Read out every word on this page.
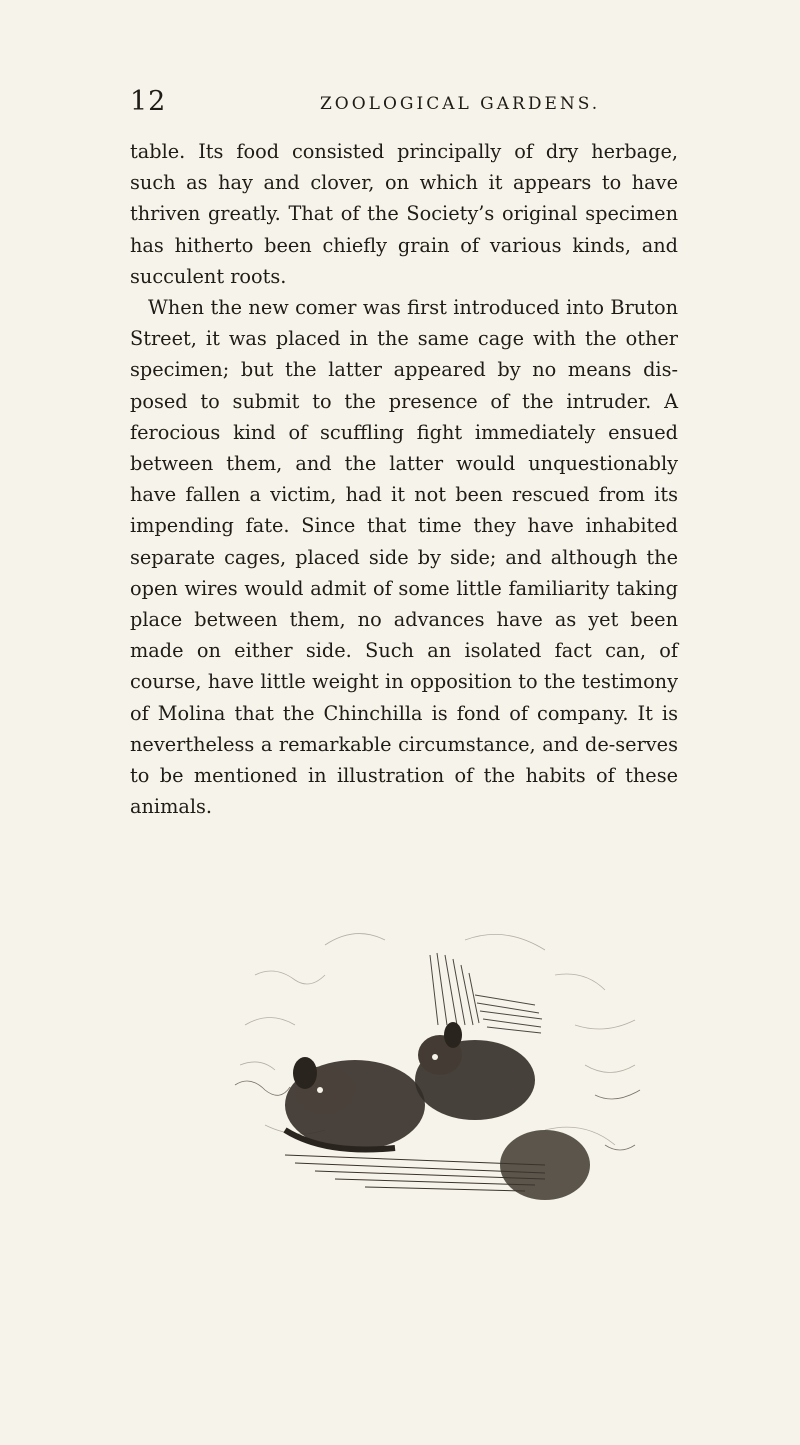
12	ZOOLOGICAL GARDENS.

table. Its food consisted principally of dry herbage, such as hay and clover, on which it appears to have thriven greatly. That of the Society’s original specimen has hitherto been chiefly grain of various kinds, and succulent roots.

When the new comer was first introduced into Bruton Street, it was placed in the same cage with the other specimen; but the latter appeared by no means dis-posed to submit to the presence of the intruder. A ferocious kind of scuffling fight immediately ensued between them, and the latter would unquestionably have fallen a victim, had it not been rescued from its impending fate. Since that time they have inhabited separate cages, placed side by side; and although the open wires would admit of some little familiarity taking place between them, no advances have as yet been made on either side. Such an isolated fact can, of course, have little weight in opposition to the testimony of Molina that the Chinchilla is fond of company. It is nevertheless a remarkable circumstance, and de-serves to be mentioned in illustration of the habits of these animals.
